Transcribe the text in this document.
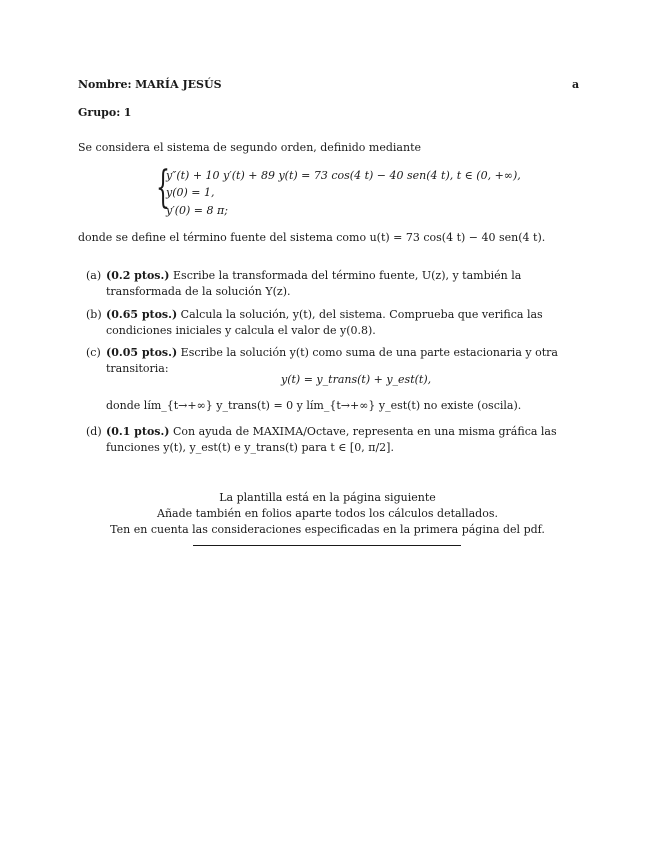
Nombre: MARÍA JESÚS	a
Grupo: 1
Se considera el sistema de segundo orden, definido mediante
{
y″(t) + 10 y′(t) + 89 y(t) = 73 cos(4 t) − 40 sen(4 t), t ∈ (0, +∞),
y(0) = 1,
y′(0) = 8 π;
donde se define el término fuente del sistema como u(t) = 73 cos(4 t) − 40 sen(4 t).
(a) (0.2 ptos.) Escribe la transformada del término fuente, U(z), y también la transformada de la solución Y(z).
(b) (0.65 ptos.) Calcula la solución, y(t), del sistema. Comprueba que verifica las condiciones iniciales y calcula el valor de y(0.8).
(c) (0.05 ptos.) Escribe la solución y(t) como suma de una parte estacionaria y otra transitoria:
y(t) = y_trans(t) + y_est(t),
donde lím_{t→+∞} y_trans(t) = 0 y lím_{t→+∞} y_est(t) no existe (oscila).
(d) (0.1 ptos.) Con ayuda de MAXIMA/Octave, representa en una misma gráfica las funciones y(t), y_est(t) e y_trans(t) para t ∈ [0, π/2].
La plantilla está en la página siguiente
Añade también en folios aparte todos los cálculos detallados.
Ten en cuenta las consideraciones especificadas en la primera página del pdf.
